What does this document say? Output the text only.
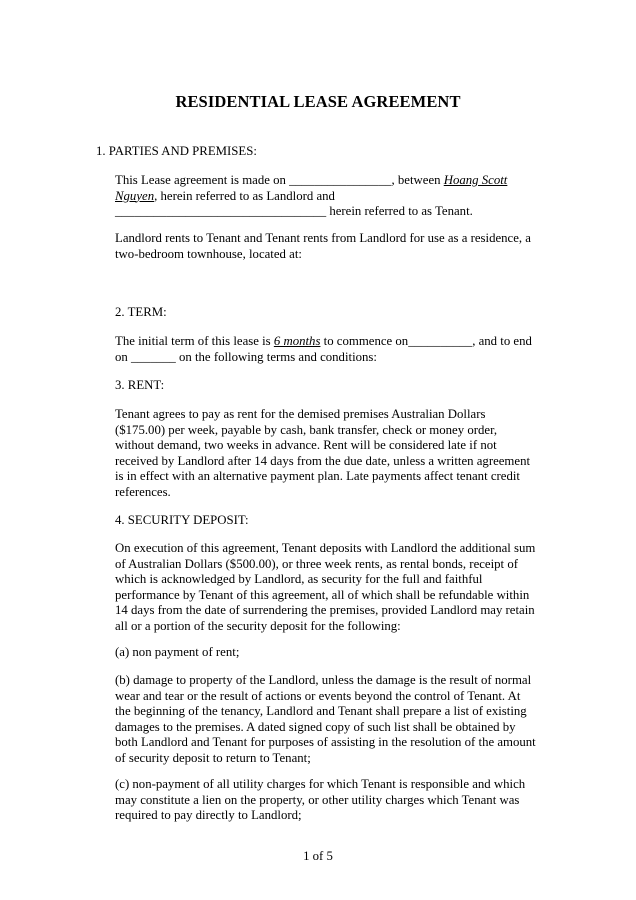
RESIDENTIAL LEASE AGREEMENT
1. PARTIES AND PREMISES:
This Lease agreement is made on ________________, between Hoang Scott
Nguyen, herein referred to as Landlord and
_________________________________ herein referred to as Tenant.
Landlord rents to Tenant and Tenant rents from Landlord for use as a residence, a
two-bedroom townhouse, located at:
2. TERM:
The initial term of this lease is 6 months to commence on__________, and to end
on _______ on the following terms and conditions:
3. RENT:
Tenant agrees to pay as rent for the demised premises Australian Dollars
($175.00) per week, payable by cash, bank transfer, check or money order,
without demand, two weeks in advance. Rent will be considered late if not
received by Landlord after 14 days from the due date, unless a written agreement
is in effect with an alternative payment plan. Late payments affect tenant credit
references.
4. SECURITY DEPOSIT:
On execution of this agreement, Tenant deposits with Landlord the additional sum
of Australian Dollars ($500.00), or three week rents, as rental bonds, receipt of
which is acknowledged by Landlord, as security for the full and faithful
performance by Tenant of this agreement, all of which shall be refundable within
14 days from the date of surrendering the premises, provided Landlord may retain
all or a portion of the security deposit for the following:
(a) non payment of rent;
(b) damage to property of the Landlord, unless the damage is the result of normal
wear and tear or the result of actions or events beyond the control of Tenant. At
the beginning of the tenancy, Landlord and Tenant shall prepare a list of existing
damages to the premises. A dated signed copy of such list shall be obtained by
both Landlord and Tenant for purposes of assisting in the resolution of the amount
of security deposit to return to Tenant;
(c) non-payment of all utility charges for which Tenant is responsible and which
may constitute a lien on the property, or other utility charges which Tenant was
required to pay directly to Landlord;
1 of 5
